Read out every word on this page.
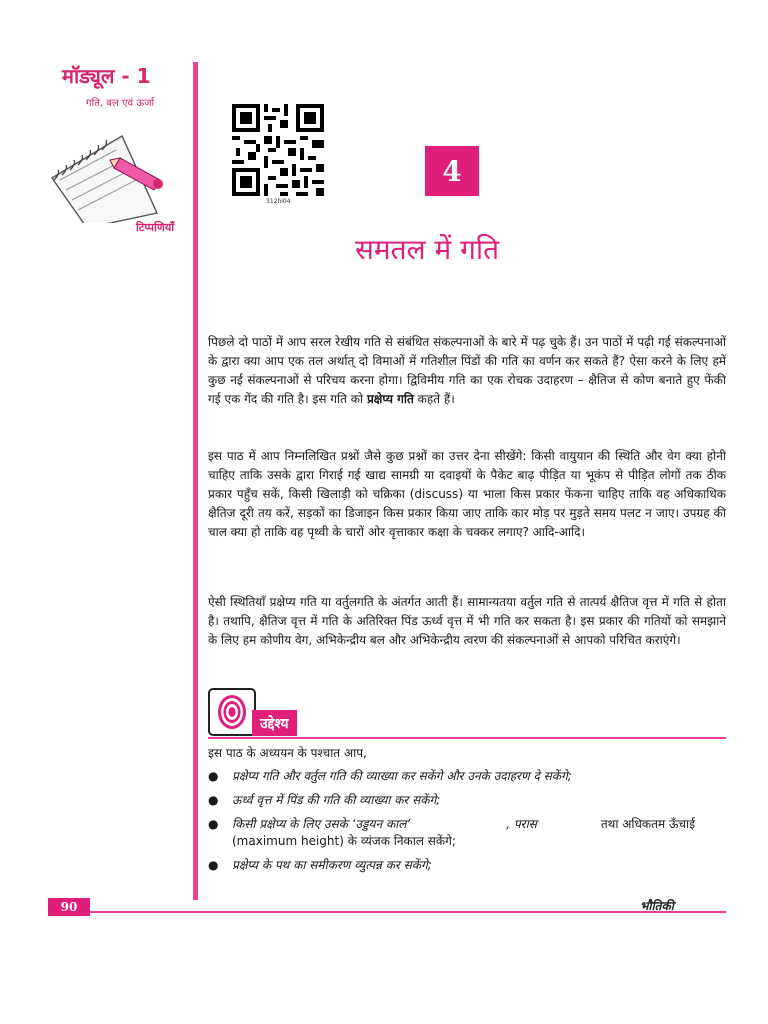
मॉड्यूल - 1
गति, बल एवं ऊर्जा
टिप्पणियाँ
312hi04
4
समतल में गति

पिछले दो पाठों में आप सरल रेखीय गति से संबंधित संकल्पनाओं के बारे में पढ़ चुके हैं। उन पाठों में पढ़ी गई संकल्पनाओं के द्वारा क्या आप एक तल अर्थात् दो विमाओं में गतिशील पिंडों की गति का वर्णन कर सकते हैं? ऐसा करने के लिए हमें कुछ नई संकल्पनाओं से परिचय करना होगा। द्विविमीय गति का एक रोचक उदाहरण – क्षैतिज से कोण बनाते हुए फेंकी गई एक गेंद की गति है। इस गति को प्रक्षेप्य गति कहते हैं।

इस पाठ में आप निम्नलिखित प्रश्नों जैसे कुछ प्रश्नों का उत्तर देना सीखेंगे: किसी वायुयान की स्थिति और वेग क्या होनी चाहिए ताकि उसके द्वारा गिराई गई खाद्य सामग्री या दवाइयों के पैकेट बाढ़ पीड़ित या भूकंप से पीड़ित लोगों तक ठीक प्रकार पहुँच सकें, किसी खिलाड़ी को चक्रिका (discuss) या भाला किस प्रकार फेंकना चाहिए ताकि वह अधिकाधिक क्षैतिज दूरी तय करें, सड़कों का डिजाइन किस प्रकार किया जाए ताकि कार मोड़ पर मुड़ते समय पलट न जाए। उपग्रह की चाल क्या हो ताकि वह पृथ्वी के चारों ओर वृत्ताकार कक्षा के चक्कर लगाए? आदि-आदि।

ऐसी स्थितियाँ प्रक्षेप्य गति या वर्तुलगति के अंतर्गत आती हैं। सामान्यतया वर्तुल गति से तात्पर्य क्षैतिज वृत्त में गति से होता है। तथापि, क्षैतिज वृत्त में गति के अतिरिक्त पिंड ऊर्ध्व वृत्त में भी गति कर सकता है। इस प्रकार की गतियों को समझाने के लिए हम कोणीय वेग, अभिकेन्द्रीय बल और अभिकेन्द्रीय त्वरण की संकल्पनाओं से आपको परिचित कराएंगे।

उद्देश्य
इस पाठ के अध्ययन के पश्चात आप,
● प्रक्षेप्य गति और वर्तुल गति की व्याख्या कर सकेंगे और उनके उदाहरण दे सकेंगे;
● ऊर्ध्व वृत्त में पिंड की गति की व्याख्या कर सकेंगे;
● किसी प्रक्षेप्य के लिए उसके ‘उड्डयन काल’	, परास	तथा अधिकतम ऊँचाई (maximum height) के व्यंजक निकाल सकेंगे;
● प्रक्षेप्य के पथ का समीकरण व्युत्पन्न कर सकेंगे;
90	भौतिकी
